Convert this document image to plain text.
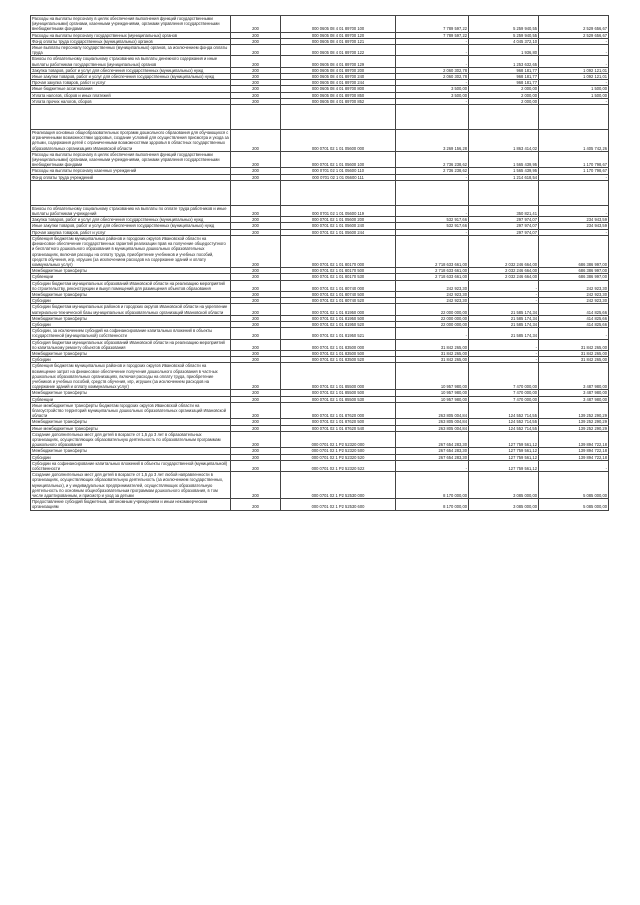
Расходы на выплаты персоналу в целях обеспечения выполнения функций государственными (муниципальными) органами, казенными учреждениями, органами управления государственными внебюджетными фондами	200	000 0605 08 4 01 89700 100	7 789 597,22	5 259 940,55	2 529 656,67
Расходы на выплаты персоналу государственных (муниципальных) органов	200	000 0605 08 4 01 89700 120	7 789 597,22	5 259 940,55	2 529 656,67
Фонд оплаты труда государственных (муниципальных) органов	200	000 0605 08 4 01 89700 121	-	4 045 372,10	-
Иные выплаты персоналу государственных (муниципальных) органов, за исключением фонда оплаты труда	200	000 0605 08 4 01 89700 122	-	1 936,80	-
Взносы по обязательному социальному страхованию на выплаты денежного содержания и иные выплаты работникам государственных (муниципальных) органов	200	000 0605 08 4 01 89700 129	-	1 253 632,65	-
Закупка товаров, работ и услуг для обеспечения государственных (муниципальных) нужд	200	000 0605 08 4 01 89700 200	2 060 302,78	968 181,77	1 092 121,01
Иные закупки товаров, работ и услуг для обеспечения государственных (муниципальных) нужд	200	000 0605 08 4 01 89700 240	2 060 302,78	968 181,77	1 092 121,01
Прочая закупка товаров, работ и услуг	200	000 0605 08 4 01 89700 244	-	968 181,77	-
Иные бюджетные ассигнования	200	000 0605 08 4 01 89700 800	3 500,00	2 000,00	1 500,00
Уплата налогов, сборов и иных платежей	200	000 0605 08 4 01 89700 850	3 500,00	2 000,00	1 500,00
Уплата прочих налогов, сборов	200	000 0605 08 4 01 89700 852	-	2 000,00	-

Реализация основных общеобразовательных программ дошкольного образования для обучающихся с ограниченными возможностями здоровья, создание условий для осуществления присмотра и ухода за детьми, содержания детей с ограниченными возможностями здоровья в областных государственных образовательных организациях Ивановской области	200	000 0701 02 1 01 05600 000	3 269 156,28	1 863 414,02	1 405 742,26
Расходы на выплаты персоналу в целях обеспечения выполнения функций государственными (муниципальными) органами, казенными учреждениями, органами управления государственными внебюджетными фондами	200	000 0701 02 1 01 05600 100	2 736 238,62	1 565 439,95	1 170 798,67
Расходы на выплаты персоналу казенных учреждений	200	000 0701 02 1 01 05600 110	2 736 238,62	1 565 439,95	1 170 798,67
Фонд оплаты труда учреждений	200	000 0701 02 1 01 05600 111	-	1 214 618,54	-

Взносы по обязательному социальному страхованию на выплаты по оплате труда работников и иные выплаты работникам учреждений	200	000 0701 02 1 01 05600 119	-	350 821,41	-
Закупка товаров, работ и услуг для обеспечения государственных (муниципальных) нужд	200	000 0701 02 1 01 05600 200	532 917,66	297 974,07	234 943,59
Иные закупки товаров, работ и услуг для обеспечения государственных (муниципальных) нужд	200	000 0701 02 1 01 05600 240	532 917,66	297 974,07	234 943,59
Прочая закупка товаров, работ и услуг	200	000 0701 02 1 01 05600 244	-	297 974,07	-
Субвенция бюджетам муниципальных районов и городских округов Ивановской области на финансовое обеспечение государственных гарантий реализации прав на получение общедоступного и бесплатного дошкольного образования в муниципальных дошкольных образовательных организациях, включая расходы на оплату труда, приобретение учебников и учебных пособий, средств обучения, игр, игрушек (за исключением расходов на содержание зданий и оплату коммунальных услуг)	200	000 0701 02 1 01 80170 000	2 718 633 661,00	2 032 246 664,00	686 386 997,00
Межбюджетные трансферты	200	000 0701 02 1 01 80170 500	2 718 633 661,00	2 032 246 664,00	686 386 997,00
Субвенции	200	000 0701 02 1 01 80170 530	2 718 633 661,00	2 032 246 664,00	686 386 997,00
Субсидии бюджетам муниципальных образований Ивановской области на реализацию мероприятий по строительству, реконструкции и выкуп помещений для размещения объектов образования	200	000 0701 02 1 01 80740 000	242 923,30	-	242 923,30
Межбюджетные трансферты	200	000 0701 02 1 01 80740 500	242 923,30	-	242 923,30
Субсидии	200	000 0701 02 1 01 80740 520	242 923,30	-	242 923,30
Субсидии бюджетам муниципальных районов и городских округов Ивановской области на укрепление материально-технической базы муниципальных образовательных организаций Ивановской области	200	000 0701 02 1 01 81950 000	22 000 000,00	21 585 174,34	414 825,66
Межбюджетные трансферты	200	000 0701 02 1 01 81950 500	22 000 000,00	21 585 174,34	414 825,66
Субсидии	200	000 0701 02 1 01 81950 520	22 000 000,00	21 585 174,34	414 825,66
Субсидии, за исключением субсидий на софинансирование капитальных вложений в объекты государственной (муниципальной) собственности	200	000 0701 02 1 01 81950 521	-	21 585 174,34	-
Субсидия бюджетам муниципальных образований Ивановской области на реализацию мероприятий по капитальному ремонту объектов образования	200	000 0701 02 1 01 83500 000	31 842 265,00	-	31 842 265,00
Межбюджетные трансферты	200	000 0701 02 1 01 83500 500	31 842 265,00	-	31 842 265,00
Субсидии	200	000 0701 02 1 01 83500 520	31 842 265,00	-	31 842 265,00
Субвенция бюджетам муниципальных районов и городских округов Ивановской области на возмещение затрат на финансовое обеспечение получения дошкольного образования в частных дошкольных образовательных организациях, включая расходы на оплату труда, приобретение учебников и учебных пособий, средств обучения, игр, игрушек (за исключением расходов на содержание зданий и оплату коммунальных услуг)	200	000 0701 02 1 01 85500 000	10 957 980,00	7 470 000,00	3 487 980,00
Межбюджетные трансферты	200	000 0701 02 1 01 85500 500	10 957 980,00	7 470 000,00	3 487 980,00
Субвенции	200	000 0701 02 1 01 85500 530	10 957 980,00	7 470 000,00	3 487 980,00
Иные межбюджетные трансферты бюджетам городских округов Ивановской области на благоустройство территорий муниципальных дошкольных образовательных организаций Ивановской области	200	000 0701 02 1 01 87620 000	263 805 004,84	124 552 714,55	139 252 290,29
Межбюджетные трансферты	200	000 0701 02 1 01 87620 500	263 805 004,84	124 552 714,55	139 252 290,29
Иные межбюджетные трансферты	200	000 0701 02 1 01 87620 540	263 805 004,84	124 552 714,55	139 252 290,29
Создание дополнительных мест для детей в возрасте от 1,5 до 3 лет в образовательных организациях, осуществляющих образовательную деятельность по образовательным программам дошкольного образования	200	000 0701 02 1 P2 52320 000	267 654 283,30	127 759 561,12	139 894 722,18
Межбюджетные трансферты	200	000 0701 02 1 P2 52320 500	267 654 283,30	127 759 561,12	139 894 722,18
Субсидии	200	000 0701 02 1 P2 52320 520	267 654 283,30	127 759 561,12	139 894 722,18
Субсидии на софинансирование капитальных вложений в объекты государственной (муниципальной) собственности	200	000 0701 02 1 P2 52320 522	-	127 759 561,12	-
Создание дополнительных мест для детей в возрасте от 1,5 до 3 лет любой направленности в организациях, осуществляющих образовательную деятельность (за исключением государственных, муниципальных), и у индивидуальных предпринимателей, осуществляющих образовательную деятельность по основным общеобразовательным программам дошкольного образования, в том числе адаптированным, и присмотр и уход за детьми	200	000 0701 02 1 P2 52530 000	8 170 000,00	3 085 000,00	5 085 000,00
Предоставление субсидий бюджетным, автономным учреждениям и иным некоммерческим организациям	200	000 0701 02 1 P2 52530 600	8 170 000,00	3 085 000,00	5 085 000,00
